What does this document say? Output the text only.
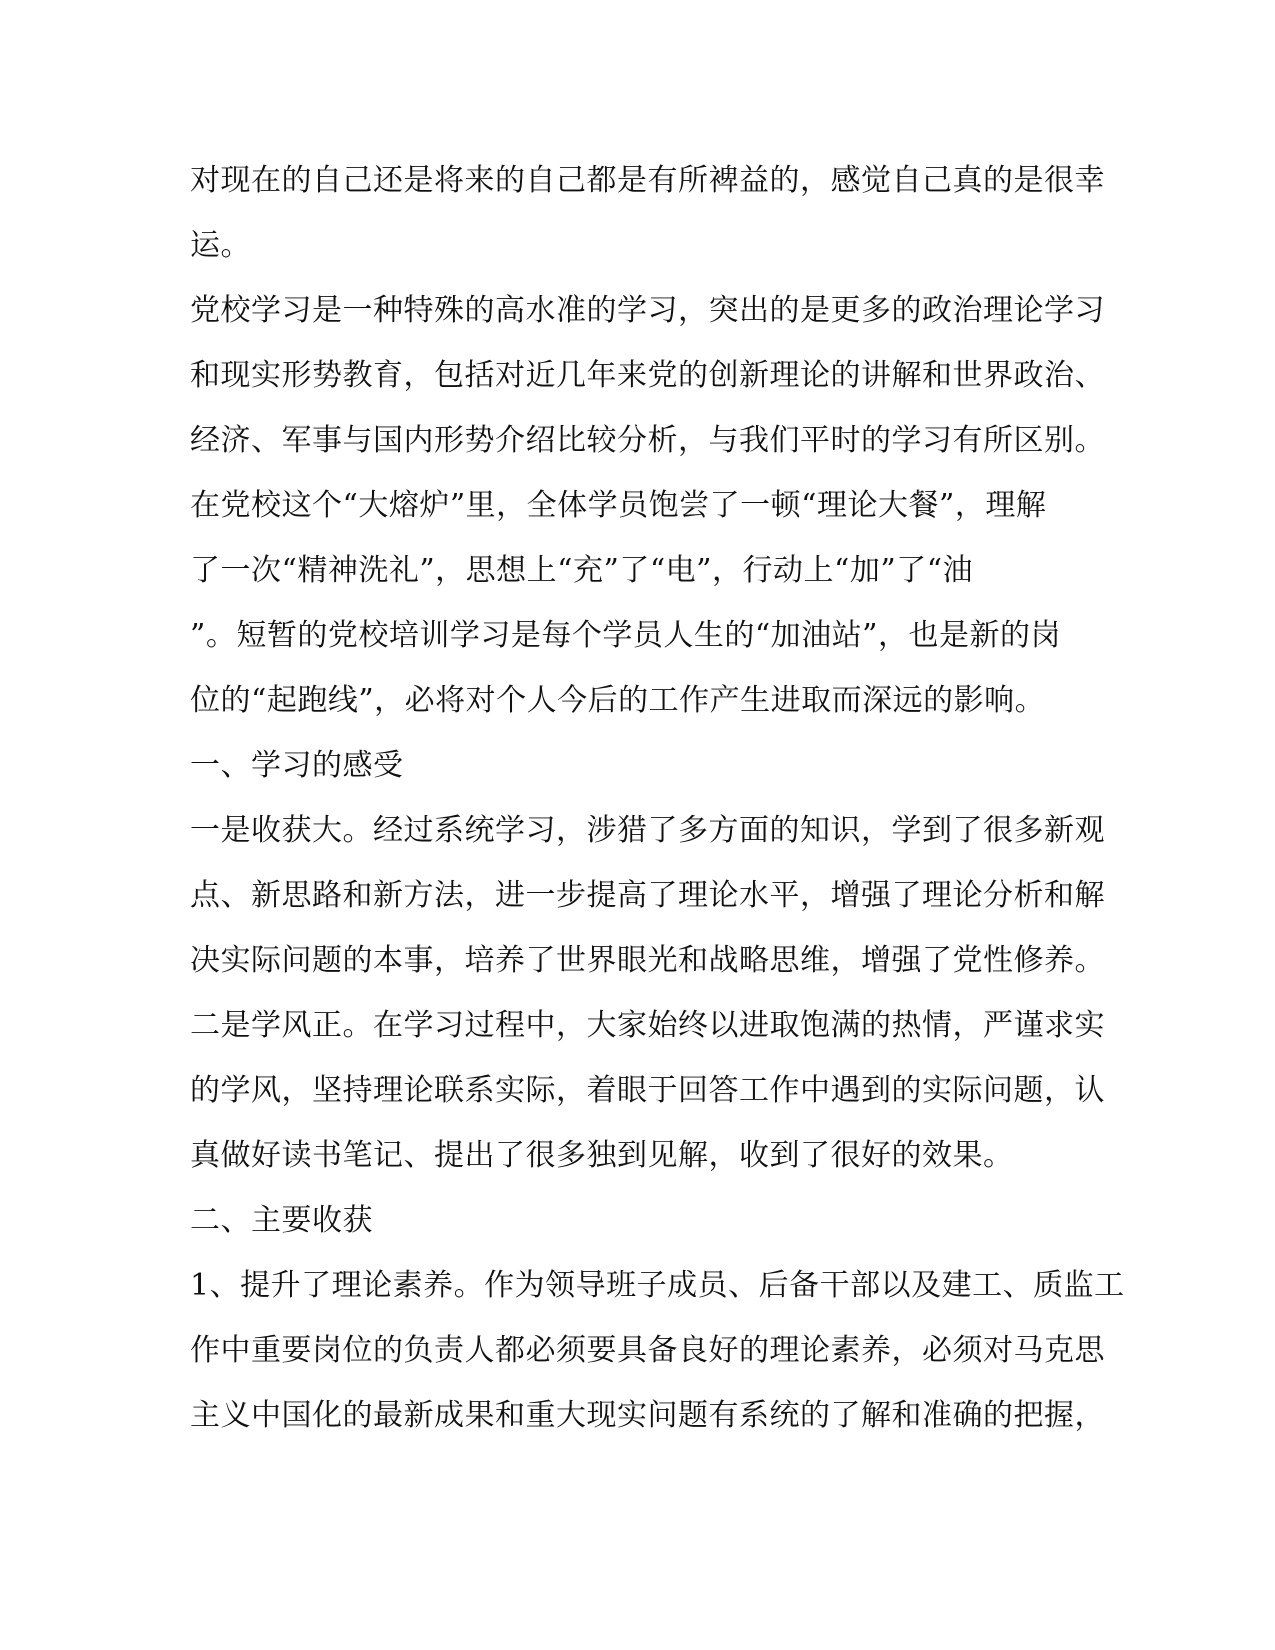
对现在的自己还是将来的自己都是有所裨益的，感觉自己真的是很幸
运。
党校学习是一种特殊的高水准的学习，突出的是更多的政治理论学习
和现实形势教育，包括对近几年来党的创新理论的讲解和世界政治、
经济、军事与国内形势介绍比较分析，与我们平时的学习有所区别。
在党校这个“大熔炉”里，全体学员饱尝了一顿“理论大餐”，理解
了一次“精神洗礼”，思想上“充”了“电”，行动上“加”了“油
”。短暂的党校培训学习是每个学员人生的“加油站”，也是新的岗
位的“起跑线”，必将对个人今后的工作产生进取而深远的影响。
一、学习的感受
一是收获大。经过系统学习，涉猎了多方面的知识，学到了很多新观
点、新思路和新方法，进一步提高了理论水平，增强了理论分析和解
决实际问题的本事，培养了世界眼光和战略思维，增强了党性修养。
二是学风正。在学习过程中，大家始终以进取饱满的热情，严谨求实
的学风，坚持理论联系实际，着眼于回答工作中遇到的实际问题，认
真做好读书笔记、提出了很多独到见解，收到了很好的效果。
二、主要收获
1、提升了理论素养。作为领导班子成员、后备干部以及建工、质监工
作中重要岗位的负责人都必须要具备良好的理论素养，必须对马克思
主义中国化的最新成果和重大现实问题有系统的了解和准确的把握，
